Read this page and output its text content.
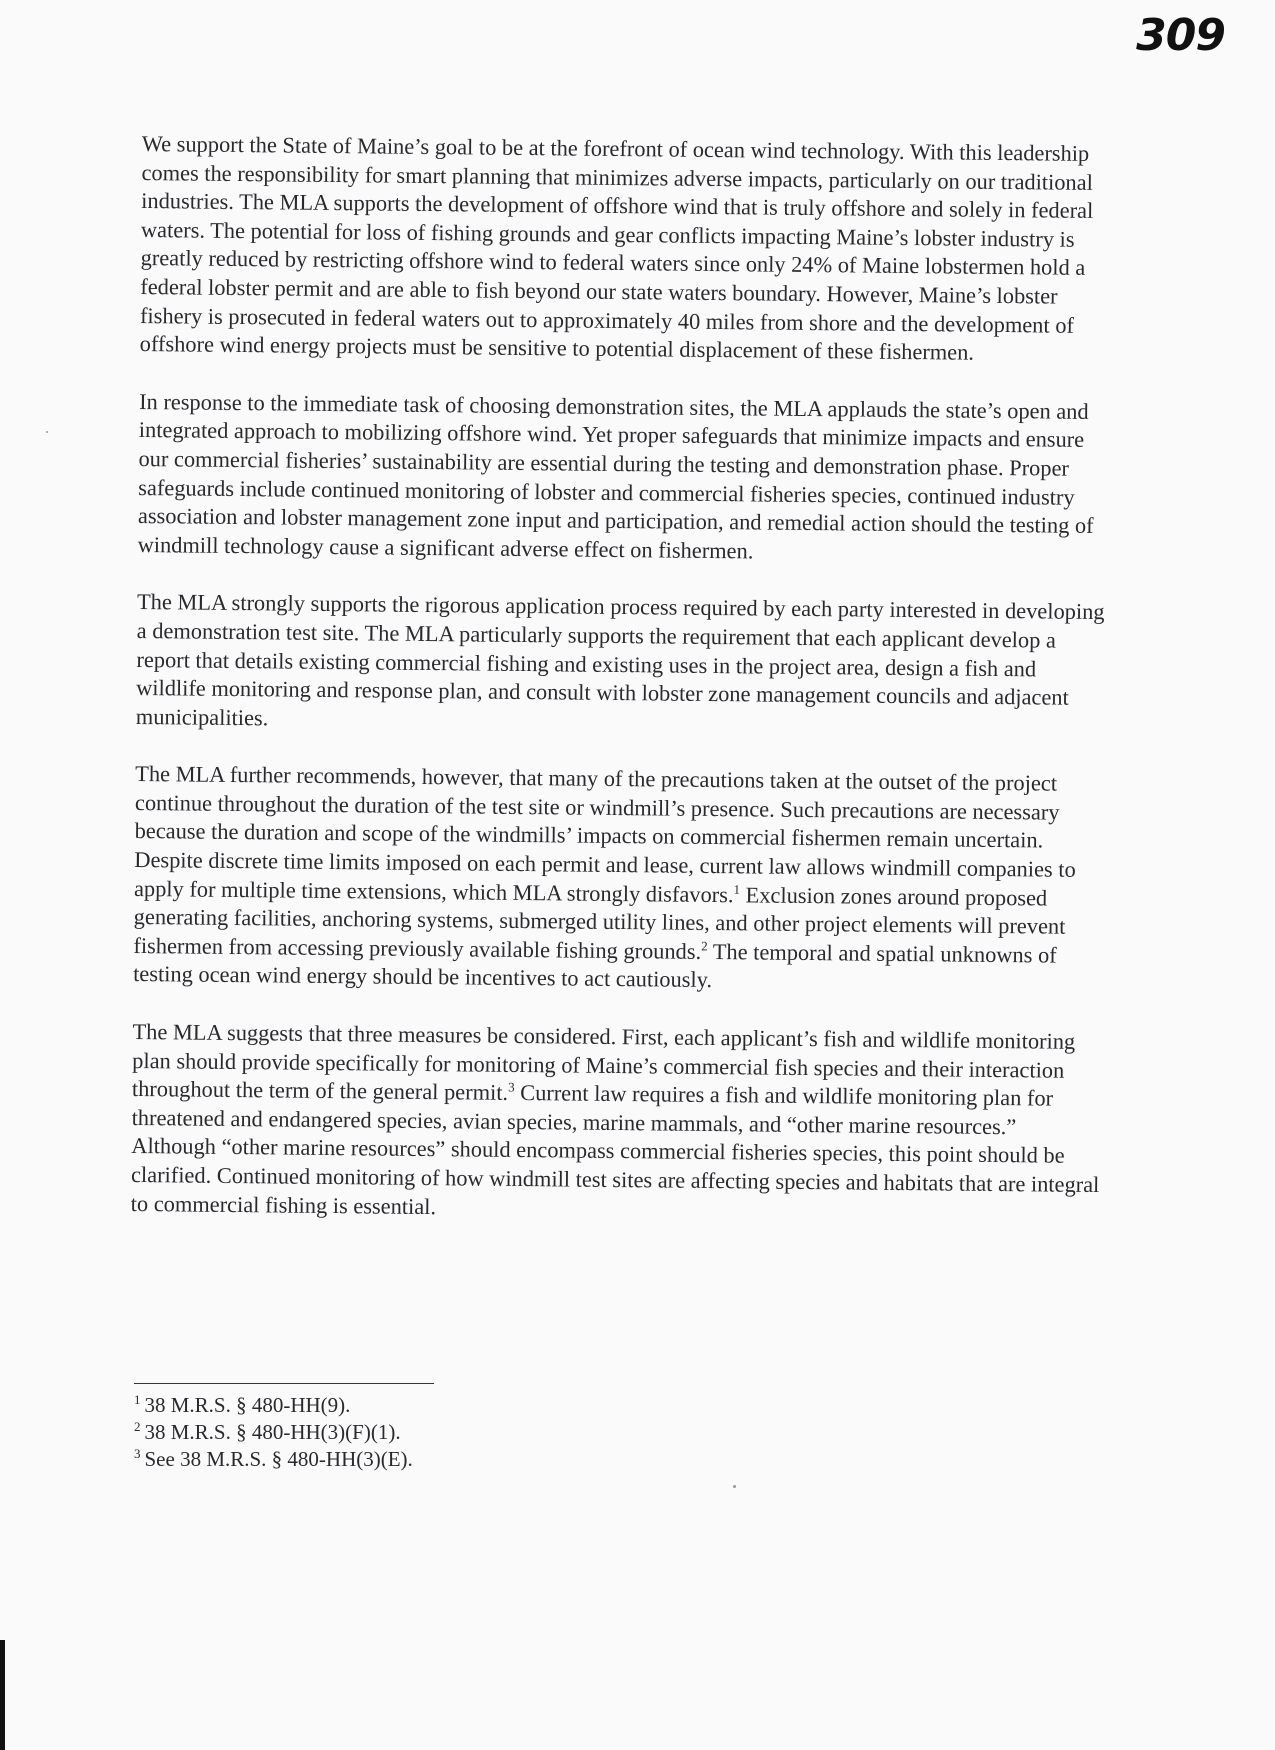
309

We support the State of Maine’s goal to be at the forefront of ocean wind technology. With this leadership comes the responsibility for smart planning that minimizes adverse impacts, particularly on our traditional industries. The MLA supports the development of offshore wind that is truly offshore and solely in federal waters. The potential for loss of fishing grounds and gear conflicts impacting Maine’s lobster industry is greatly reduced by restricting offshore wind to federal waters since only 24% of Maine lobstermen hold a federal lobster permit and are able to fish beyond our state waters boundary. However, Maine’s lobster fishery is prosecuted in federal waters out to approximately 40 miles from shore and the development of offshore wind energy projects must be sensitive to potential displacement of these fishermen.

In response to the immediate task of choosing demonstration sites, the MLA applauds the state’s open and integrated approach to mobilizing offshore wind. Yet proper safeguards that minimize impacts and ensure our commercial fisheries’ sustainability are essential during the testing and demonstration phase. Proper safeguards include continued monitoring of lobster and commercial fisheries species, continued industry association and lobster management zone input and participation, and remedial action should the testing of windmill technology cause a significant adverse effect on fishermen.

The MLA strongly supports the rigorous application process required by each party interested in developing a demonstration test site. The MLA particularly supports the requirement that each applicant develop a report that details existing commercial fishing and existing uses in the project area, design a fish and wildlife monitoring and response plan, and consult with lobster zone management councils and adjacent municipalities.

The MLA further recommends, however, that many of the precautions taken at the outset of the project continue throughout the duration of the test site or windmill’s presence. Such precautions are necessary because the duration and scope of the windmills’ impacts on commercial fishermen remain uncertain. Despite discrete time limits imposed on each permit and lease, current law allows windmill companies to apply for multiple time extensions, which MLA strongly disfavors.$^1$ Exclusion zones around proposed generating facilities, anchoring systems, submerged utility lines, and other project elements will prevent fishermen from accessing previously available fishing grounds.$^2$ The temporal and spatial unknowns of testing ocean wind energy should be incentives to act cautiously.

The MLA suggests that three measures be considered. First, each applicant’s fish and wildlife monitoring plan should provide specifically for monitoring of Maine’s commercial fish species and their interaction throughout the term of the general permit.$^3$ Current law requires a fish and wildlife monitoring plan for threatened and endangered species, avian species, marine mammals, and “other marine resources.” Although “other marine resources” should encompass commercial fisheries species, this point should be clarified. Continued monitoring of how windmill test sites are affecting species and habitats that are integral to commercial fishing is essential.

$^1$ 38 M.R.S. § 480-HH(9).

$^2$ 38 M.R.S. § 480-HH(3)(F)(1).

$^3$ See 38 M.R.S. § 480-HH(3)(E).
